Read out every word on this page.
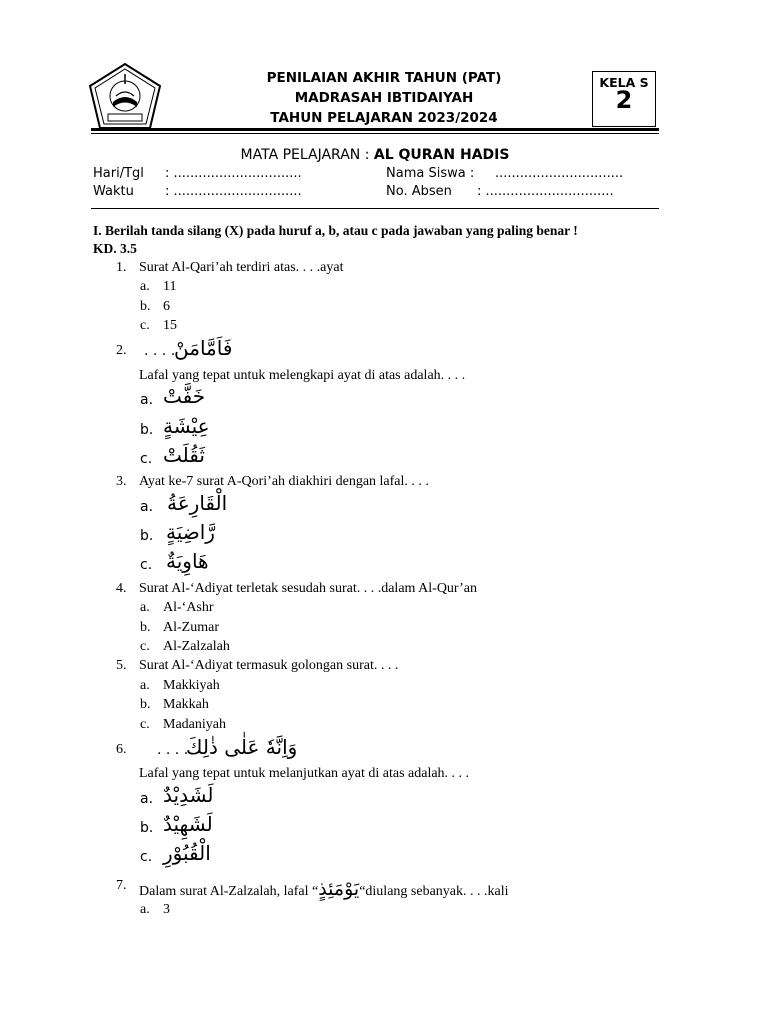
PENILAIAN AKHIR TAHUN (PAT)
MADRASAH IBTIDAIYAH
TAHUN PELAJARAN 2023/2024
KELA S
2
MATA PELAJARAN : AL QURAN HADIS
Hari/Tgl : ...............................
Waktu : ...............................
Nama Siswa : ...............................
No. Absen : ...............................
I. Berilah tanda silang (X) pada huruf a, b, atau c pada jawaban yang paling benar !
KD. 3.5
1. Surat Al-Qari’ah terdiri atas. . . .ayat
a. 11
b. 6
c. 15
2. . . . .
فَاَمَّامَنْ
Lafal yang tepat untuk melengkapi ayat di atas adalah. . . .
a. خَفَّتْ
b. عِيْشَةٍ
c. ثَقُلَتْ
3. Ayat ke-7 surat A-Qori’ah diakhiri dengan lafal. . . .
a. الْقَارِعَةُ
b. رَّاضِيَةٍ
c. هَاوِيَةٌ
4. Surat Al-‘Adiyat terletak sesudah surat. . . .dalam Al-Qur’an
a. Al-‘Ashr
b. Al-Zumar
c. Al-Zalzalah
5. Surat Al-‘Adiyat termasuk golongan surat. . . .
a. Makkiyah
b. Makkah
c. Madaniyah
6. . . . .
وَاِنَّهٗ عَلٰى ذٰلِكَ
Lafal yang tepat untuk melanjutkan ayat di atas adalah. . . .
a. لَشَدِيْدٌ
b. لَشَهِيْدٌ
c. الْقُبُوْرِ
7. Dalam surat Al-Zalzalah, lafal “يَوْمَئِذٍ“diulang sebanyak. . . .kali
a. 3
